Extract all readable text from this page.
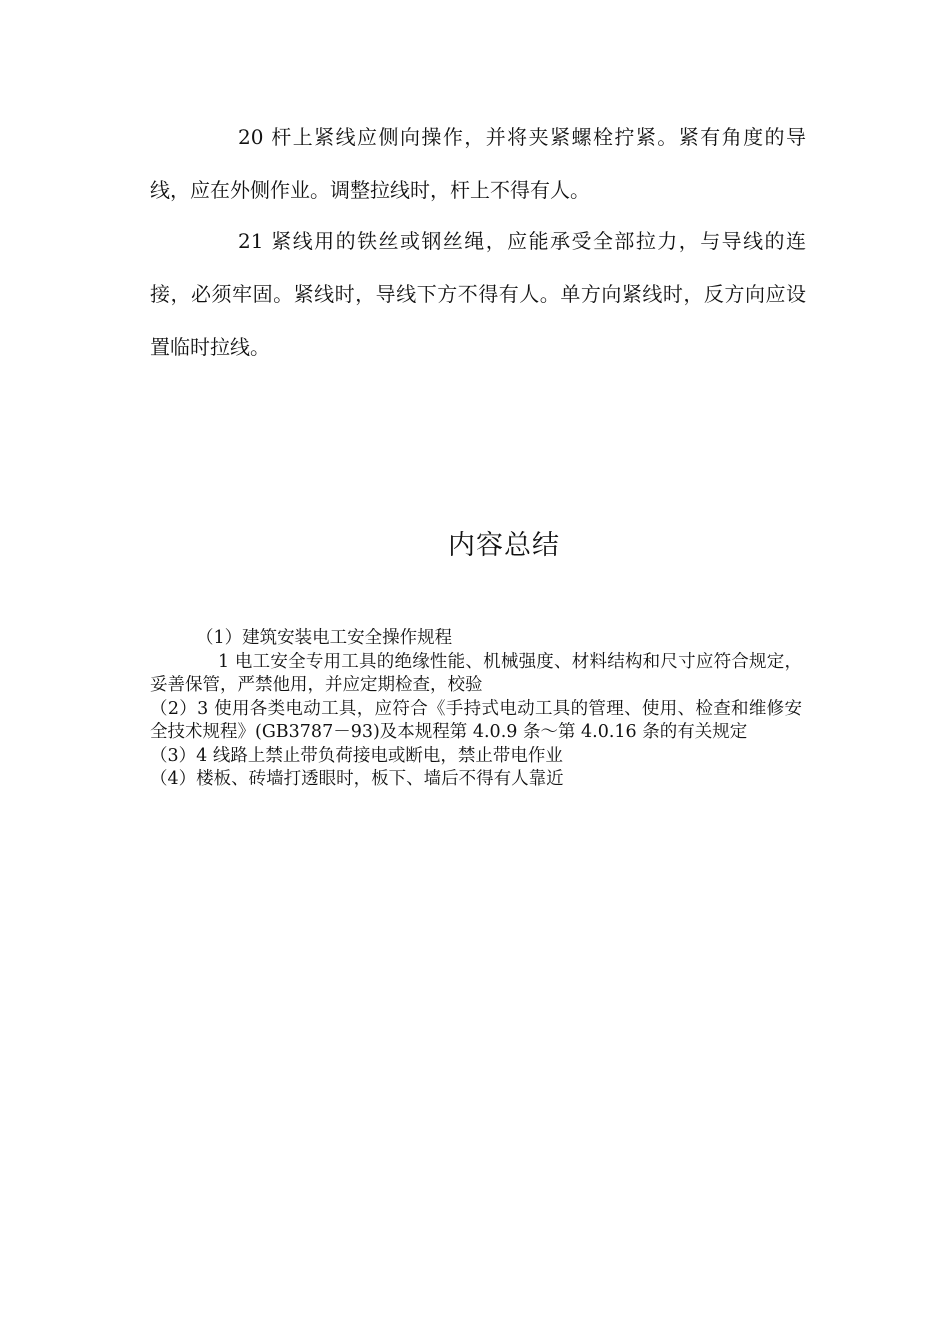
20 杆上紧线应侧向操作，并将夹紧螺栓拧紧。紧有角度的导线，应在外侧作业。调整拉线时，杆上不得有人。

21 紧线用的铁丝或钢丝绳，应能承受全部拉力，与导线的连接，必须牢固。紧线时，导线下方不得有人。单方向紧线时，反方向应设置临时拉线。

内容总结

（1）建筑安装电工安全操作规程

1 电工安全专用工具的绝缘性能、机械强度、材料结构和尺寸应符合规定，妥善保管，严禁他用，并应定期检查，校验

（2）3 使用各类电动工具，应符合《手持式电动工具的管理、使用、检查和维修安全技术规程》(GB3787－93)及本规程第 4.0.9 条～第 4.0.16 条的有关规定

（3）4 线路上禁止带负荷接电或断电，禁止带电作业

（4）楼板、砖墙打透眼时，板下、墙后不得有人靠近
